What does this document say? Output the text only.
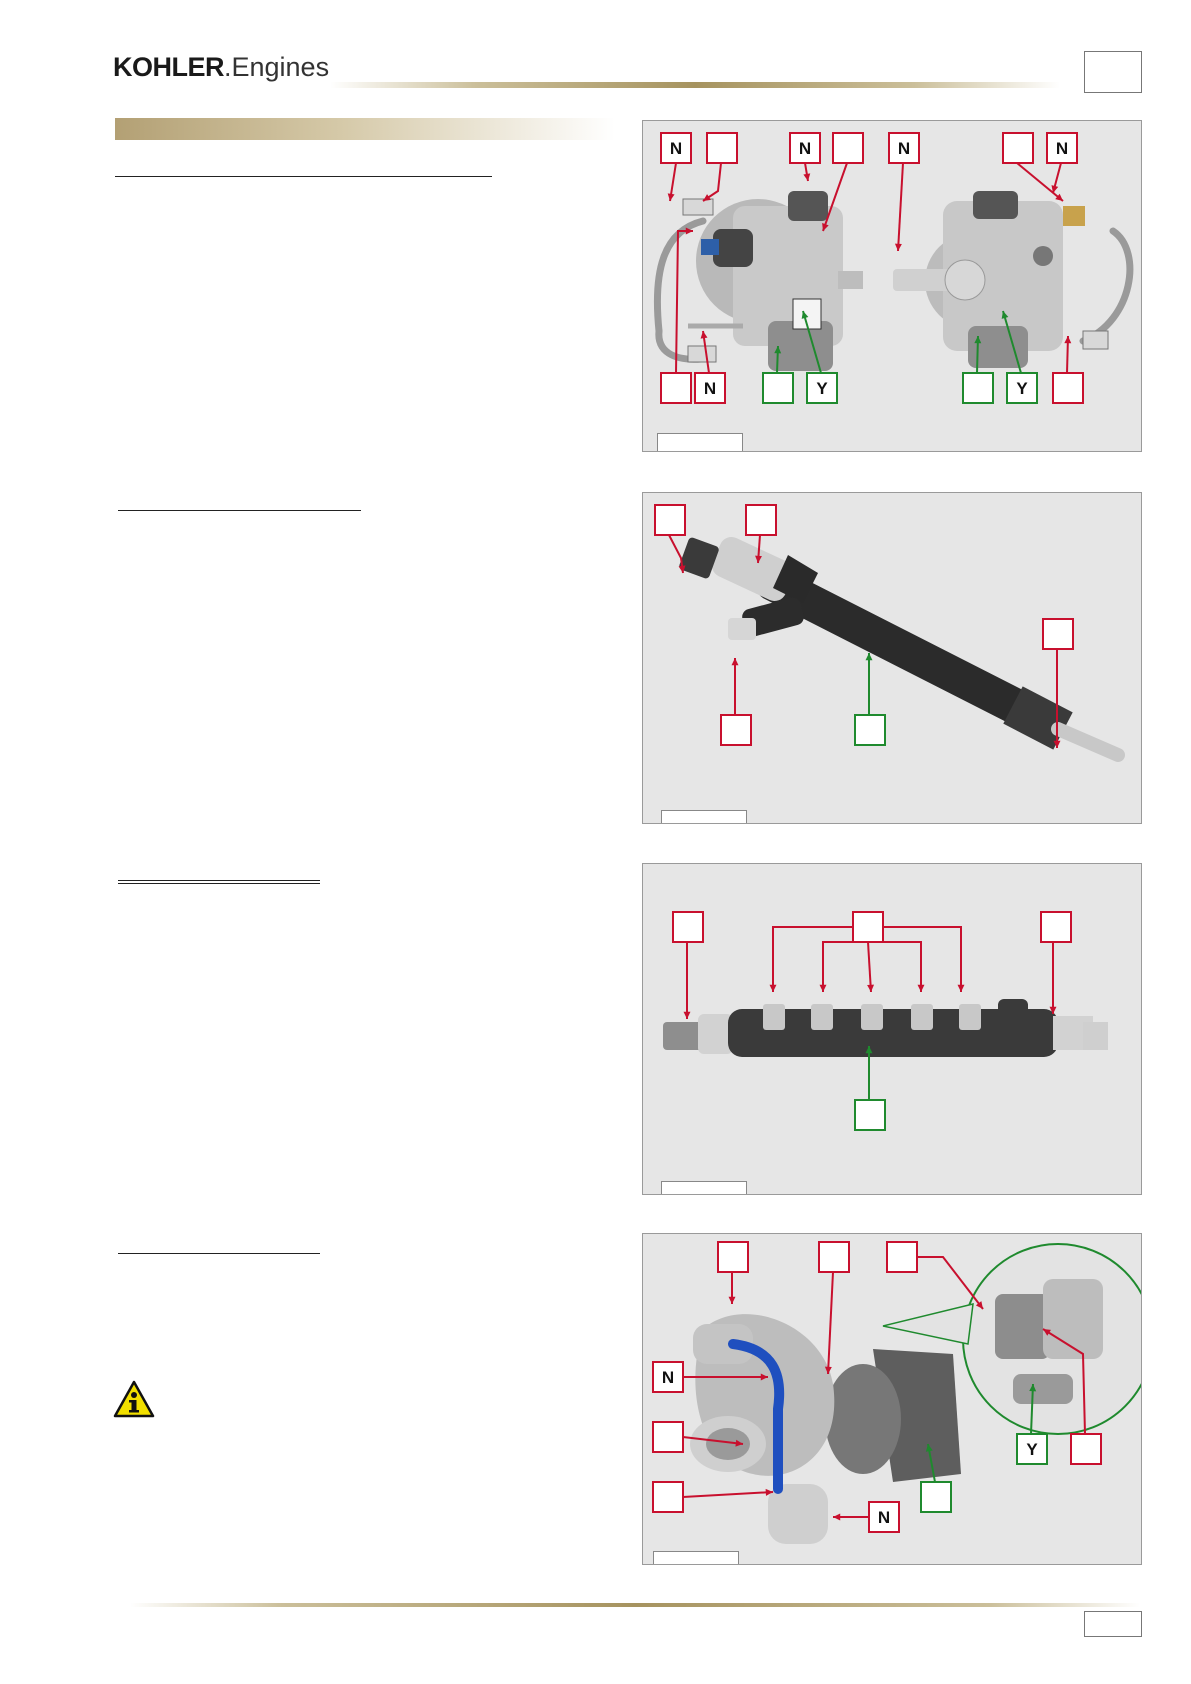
KOHLER.Engines
N	N	N	N
N	Y	Y
N
N
Y
